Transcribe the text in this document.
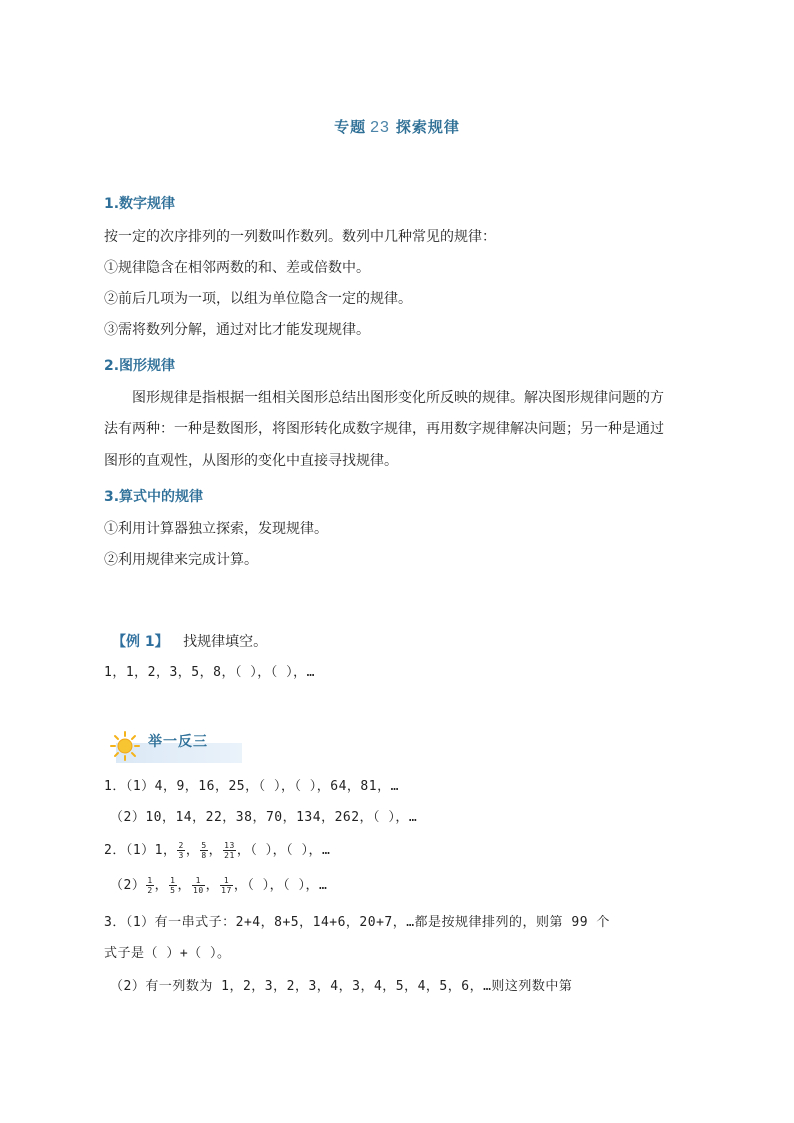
专题 23 探索规律
1.数字规律
按一定的次序排列的一列数叫作数列。数列中几种常见的规律：
①规律隐含在相邻两数的和、差或倍数中。
②前后几项为一项，以组为单位隐含一定的规律。
③需将数列分解，通过对比才能发现规律。
2.图形规律
图形规律是指根据一组相关图形总结出图形变化所反映的规律。解决图形规律问题的方
法有两种：一种是数图形，将图形转化成数字规律，再用数字规律解决问题；另一种是通过
图形的直观性，从图形的变化中直接寻找规律。
3.算式中的规律
①利用计算器独立探索，发现规律。
②利用规律来完成计算。
【例 1】 找规律填空。
1，1，2，3，5，8，（ ），（ ），…
举一反三
1．（1）4，9，16，25，（ ），（ ），64，81，…
（2）10，14，22，38，70，134，262，（ ），…
2．（1）1， $\frac{2}{3}$ ， $\frac{5}{8}$ ， $\frac{13}{21}$ ，（ ），（ ），…
$(2) \frac{1}{2}$ ， $\frac{1}{5}$ ， $\frac{1}{10}$ ， $\frac{1}{17}$ ，（ ），（ ），…
3．（1）有一串式子：2+4，8+5，14+6，20+7，…都是按规律排列的，则第 99 个
式子是（ ）+（ ）。
（2）有一列数为 1，2，3，2，3，4，3，4，5，4，5，6，…则这列数中第
